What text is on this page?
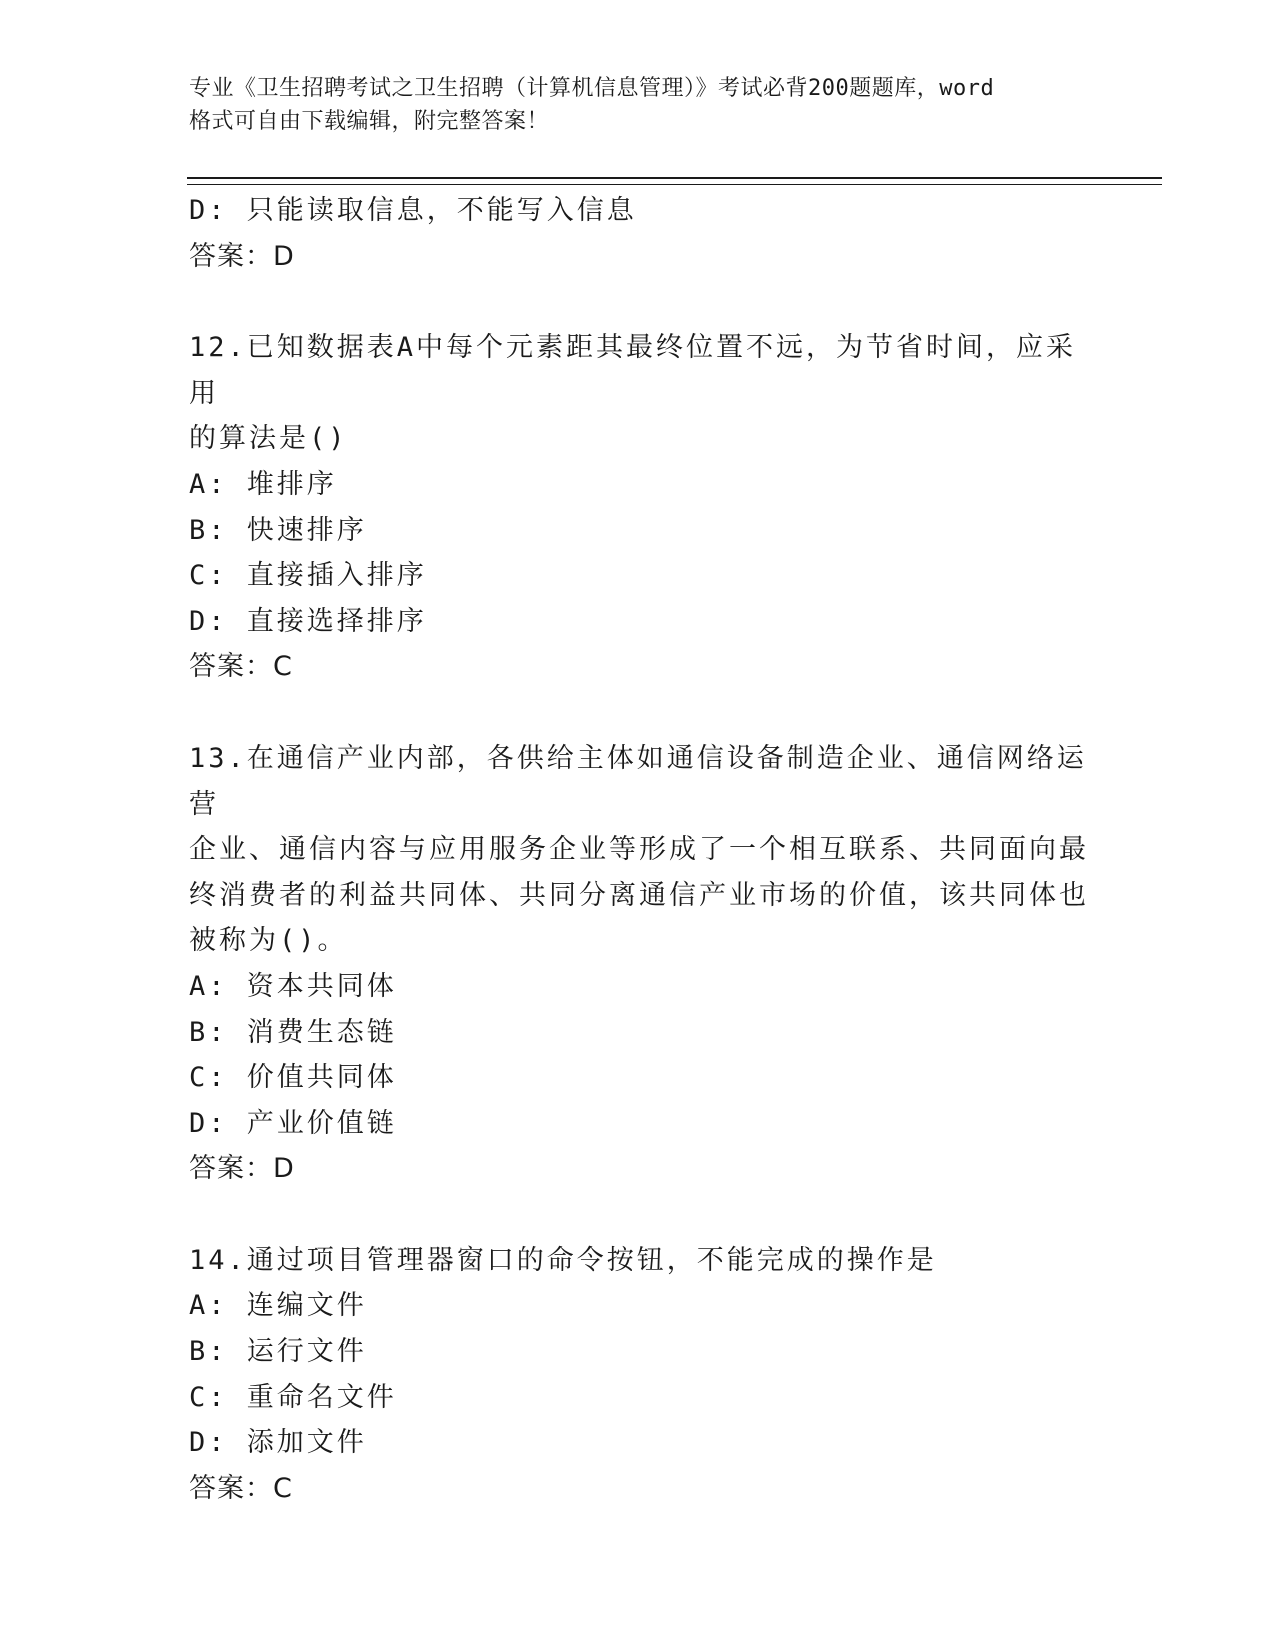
专业《卫生招聘考试之卫生招聘（计算机信息管理）》考试必背200题题库，word
格式可自由下载编辑，附完整答案！
D: 只能读取信息，不能写入信息
答案：D
12.已知数据表A中每个元素距其最终位置不远，为节省时间，应采用
的算法是()
A: 堆排序
B: 快速排序
C: 直接插入排序
D: 直接选择排序
答案：C
13.在通信产业内部，各供给主体如通信设备制造企业、通信网络运营
企业、通信内容与应用服务企业等形成了一个相互联系、共同面向最
终消费者的利益共同体、共同分离通信产业市场的价值，该共同体也
被称为()。
A: 资本共同体
B: 消费生态链
C: 价值共同体
D: 产业价值链
答案：D
14.通过项目管理器窗口的命令按钮，不能完成的操作是
A: 连编文件
B: 运行文件
C: 重命名文件
D: 添加文件
答案：C
